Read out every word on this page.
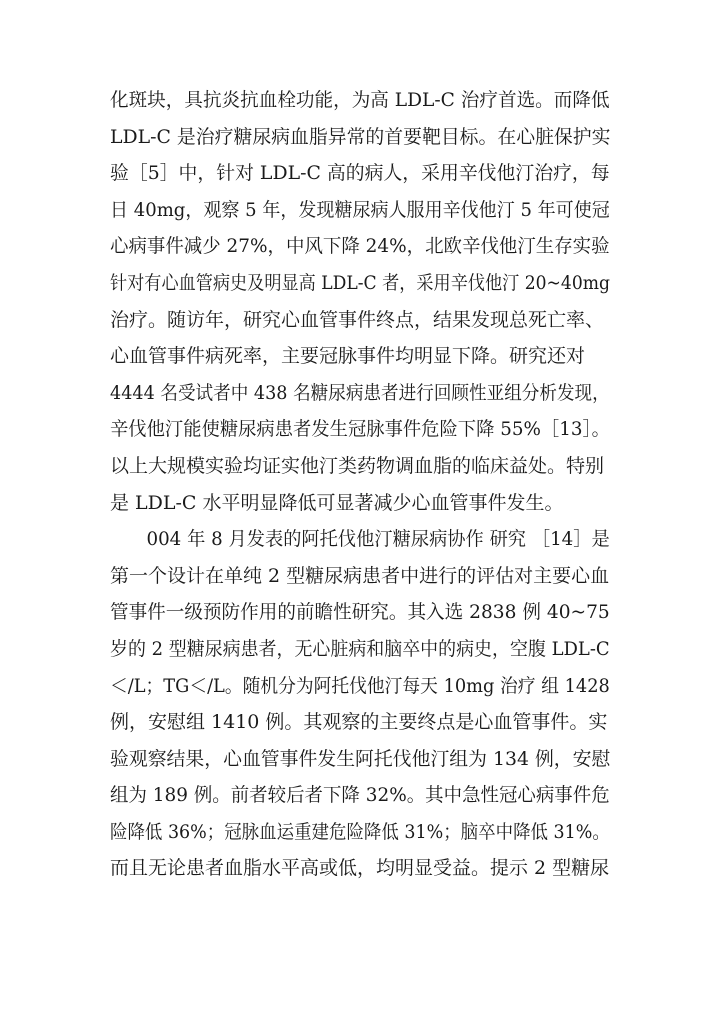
化斑块，具抗炎抗血栓功能，为高 LDL-C 治疗首选。而降低
LDL-C 是治疗糖尿病血脂异常的首要靶目标。在心脏保护实
验［5］中，针对 LDL-C 高的病人，采用辛伐他汀治疗，每
日 40mg，观察 5 年，发现糖尿病人服用辛伐他汀 5 年可使冠
心病事件减少 27%，中风下降 24%，北欧辛伐他汀生存实验
针对有心血管病史及明显高 LDL-C 者，采用辛伐他汀 20~40mg
治疗。随访年，研究心血管事件终点，结果发现总死亡率、
心血管事件病死率，主要冠脉事件均明显下降。研究还对
4444 名受试者中 438 名糖尿病患者进行回顾性亚组分析发现，
辛伐他汀能使糖尿病患者发生冠脉事件危险下降 55%［13］。
以上大规模实验均证实他汀类药物调血脂的临床益处。特别
是 LDL-C 水平明显降低可显著减少心血管事件发生。
　　004 年 8 月发表的阿托伐他汀糖尿病协作 研究 ［14］是
第一个设计在单纯 2 型糖尿病患者中进行的评估对主要心血
管事件一级预防作用的前瞻性研究。其入选 2838 例 40~75
岁的 2 型糖尿病患者，无心脏病和脑卒中的病史，空腹 LDL-C
＜/L；TG＜/L。随机分为阿托伐他汀每天 10mg 治疗 组 1428
例，安慰组 1410 例。其观察的主要终点是心血管事件。实
验观察结果，心血管事件发生阿托伐他汀组为 134 例，安慰
组为 189 例。前者较后者下降 32%。其中急性冠心病事件危
险降低 36%；冠脉血运重建危险降低 31%；脑卒中降低 31%。
而且无论患者血脂水平高或低，均明显受益。提示 2 型糖尿
